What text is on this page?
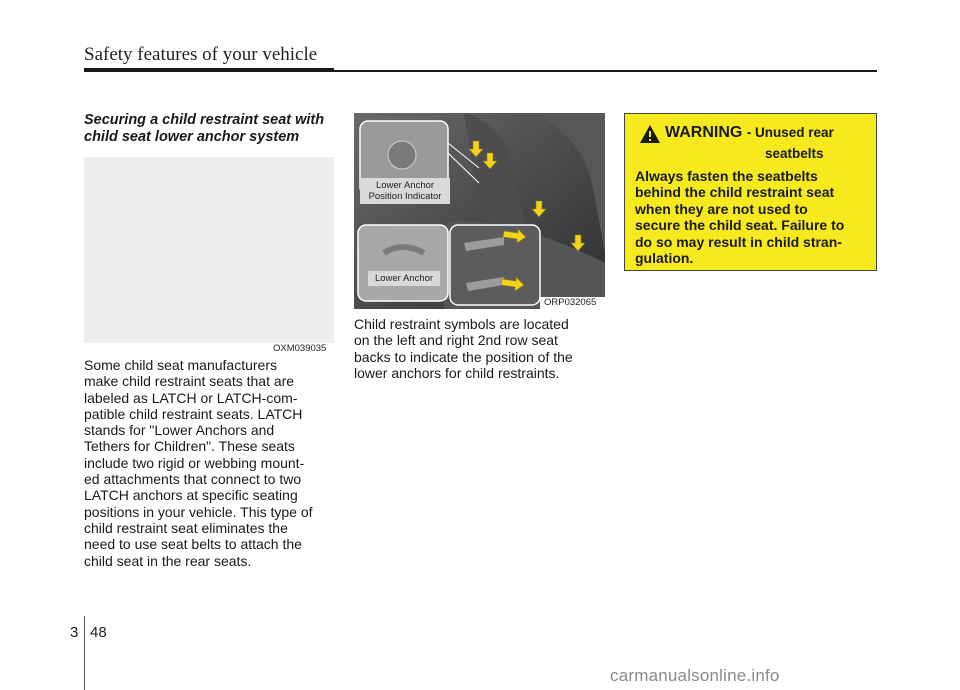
Safety features of your vehicle
Securing a child restraint seat with
child seat lower anchor system
OXM039035
Some child seat manufacturers
make child restraint seats that are
labeled as LATCH or LATCH-com-
patible child restraint seats. LATCH
stands for "Lower Anchors and
Tethers for Children". These seats
include two rigid or webbing mount-
ed attachments that connect to two
LATCH anchors at specific seating
positions in your vehicle. This type of
child restraint seat eliminates the
need to use seat belts to attach the
child seat in the rear seats.
Lower Anchor
Position Indicator
Lower Anchor
ORP032065
Child restraint symbols are located
on the left and right 2nd row seat
backs to indicate the position of the
lower anchors for child restraints.
WARNING - Unused rear
seatbelts
Always fasten the seatbelts
behind the child restraint seat
when they are not used to
secure the child seat. Failure to
do so may result in child stran-
gulation.
3 48
carmanualsonline.info
